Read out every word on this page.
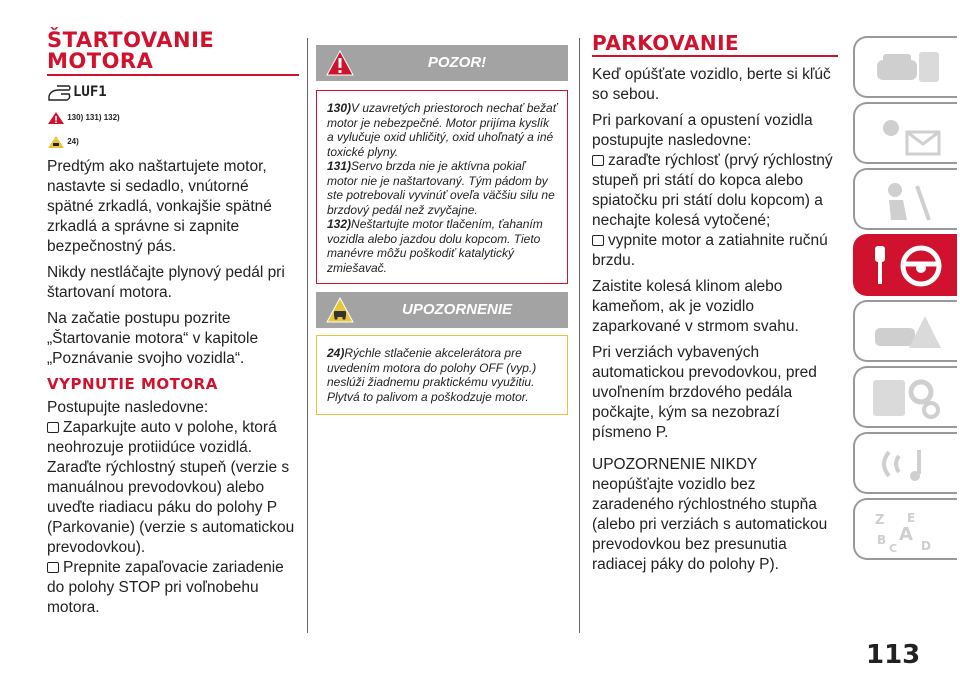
ŠTARTOVANIE
MOTORA
LUF1
130) 131) 132)
24)

Predtým ako naštartujete motor, nastavte si sedadlo, vnútorné spätné zrkadlá, vonkajšie spätné zrkadlá a správne si zapnite bezpečnostný pás.

Nikdy nestláčajte plynový pedál pri štartovaní motora.

Na začatie postupu pozrite „Štartovanie motora“ v kapitole „Poznávanie svojho vozidla“.

VYPNUTIE MOTORA

Postupujte nasledovne:

Zaparkujte auto v polohe, ktorá neohrozuje protiidúce vozidlá. Zaraďte rýchlostný stupeň (verzie s manuálnou prevodovkou) alebo uveďte riadiacu páku do polohy P (Parkovanie) (verzie s automatickou prevodovkou).

Prepnite zapaľovacie zariadenie do polohy STOP pri voľnobehu motora.

POZOR!
130)V uzavretých priestoroch nechať bežať motor je nebezpečné. Motor prijíma kyslík a vylučuje oxid uhličitý, oxid uhoľnatý a iné toxické plyny.
131)Servo brzda nie je aktívna pokiaľ motor nie je naštartovaný. Tým pádom by ste potrebovali vyvinúť oveľa väčšiu silu ne brzdový pedál než zvyčajne.
132)Neštartujte motor tlačením, ťahaním vozidla alebo jazdou dolu kopcom. Tieto manévre môžu poškodiť katalytický zmiešavač.
UPOZORNENIE
24)Rýchle stlačenie akcelerátora pre uvedením motora do polohy OFF (vyp.) neslúži žiadnemu praktickému využitiu. Plytvá to palivom a poškodzuje motor.
PARKOVANIE

Keď opúšťate vozidlo, berte si kľúč so sebou.

Pri parkovaní a opustení vozidla postupujte nasledovne:

zaraďte rýchlosť (prvý rýchlostný stupeň pri státí do kopca alebo spiatočku pri státí dolu kopcom) a nechajte kolesá vytočené;

vypnite motor a zatiahnite ručnú brzdu.

Zaistite kolesá klinom alebo kameňom, ak je vozidlo zaparkované v strmom svahu.

Pri verziách vybavených automatickou prevodovkou, pred uvoľnením brzdového pedála počkajte, kým sa nezobrazí písmeno P.

UPOZORNENIE NIKDY neopúšťajte vozidlo bez zaradeného rýchlostného stupňa (alebo pri verziách s automatickou prevodovkou bez presunutia radiacej páky do polohy P).

Z E
B A
C D
113
